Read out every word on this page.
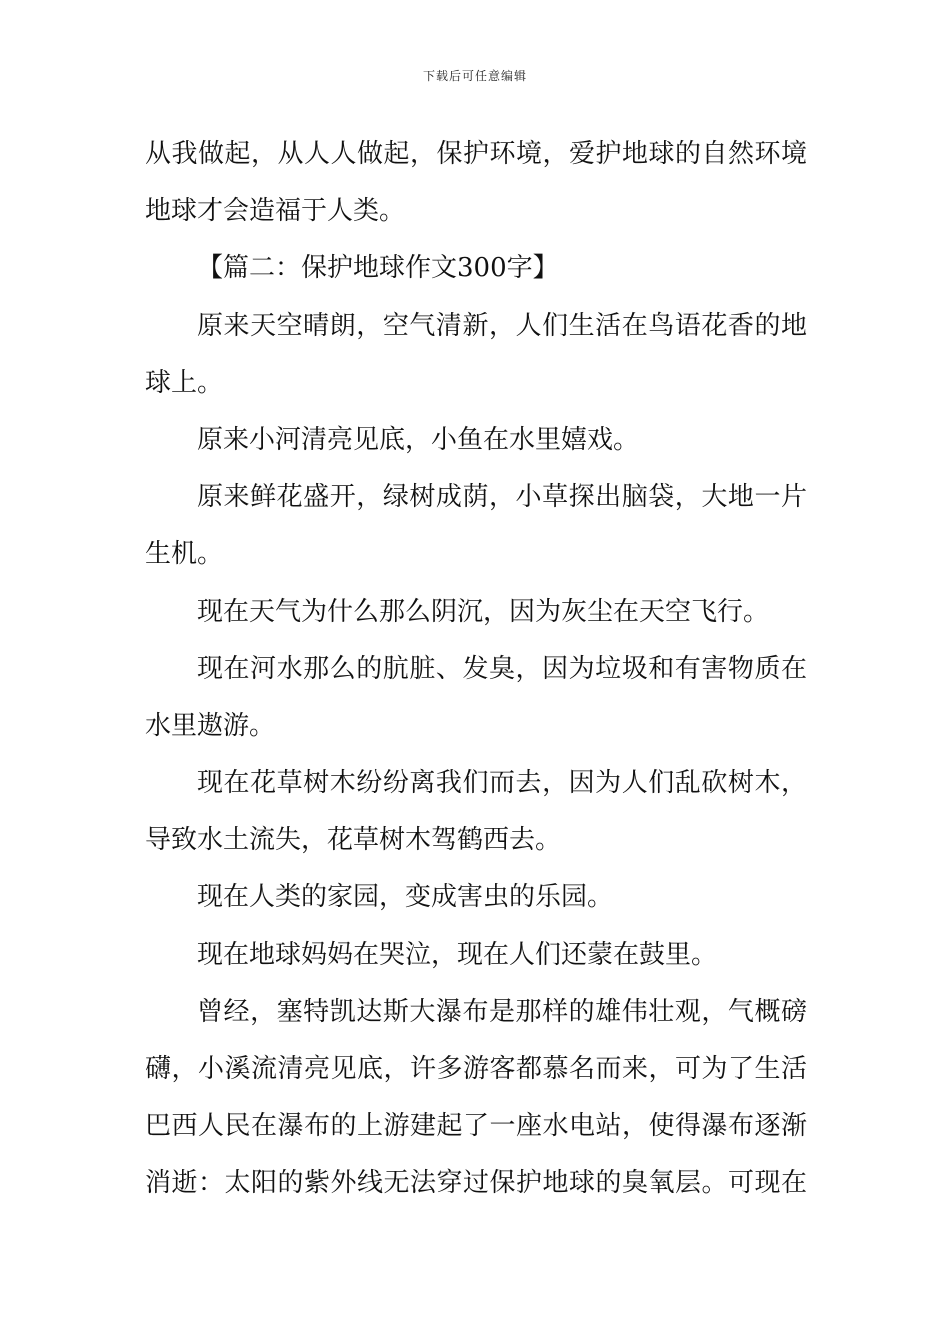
下载后可任意编辑
从我做起，从人人做起，保护环境，爱护地球的自然环境
地球才会造福于人类。
【篇二：保护地球作文300字】
原来天空晴朗，空气清新，人们生活在鸟语花香的地
球上。
原来小河清亮见底，小鱼在水里嬉戏。
原来鲜花盛开，绿树成荫，小草探出脑袋，大地一片
生机。
现在天气为什么那么阴沉，因为灰尘在天空飞行。
现在河水那么的肮脏、发臭，因为垃圾和有害物质在
水里遨游。
现在花草树木纷纷离我们而去，因为人们乱砍树木，
导致水土流失，花草树木驾鹤西去。
现在人类的家园，变成害虫的乐园。
现在地球妈妈在哭泣，现在人们还蒙在鼓里。
曾经，塞特凯达斯大瀑布是那样的雄伟壮观，气概磅
礴，小溪流清亮见底，许多游客都慕名而来，可为了生活
巴西人民在瀑布的上游建起了一座水电站，使得瀑布逐渐
消逝：太阳的紫外线无法穿过保护地球的臭氧层。可现在
